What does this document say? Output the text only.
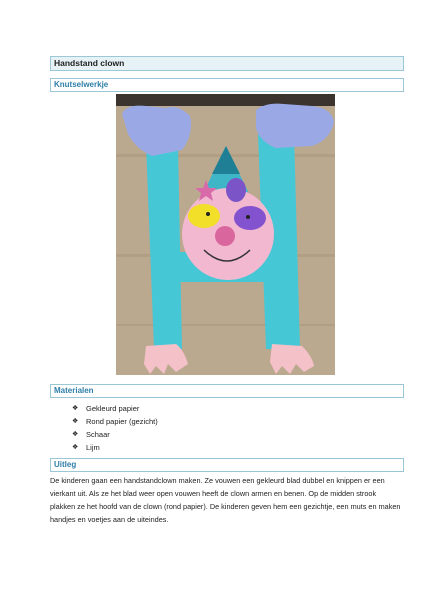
Handstand clown
Knutselwerkje
Materialen
❖	Gekleurd papier
❖	Rond papier (gezicht)
❖	Schaar
❖	Lijm
Uitleg

De kinderen gaan een handstandclown maken. Ze vouwen een gekleurd blad dubbel en knippen er een vierkant uit. Als ze het blad weer open vouwen heeft de clown armen en benen. Op de midden strook plakken ze het hoofd van de clown (rond papier). De kinderen geven hem een gezichtje, een muts en maken handjes en voetjes aan de uiteindes.
